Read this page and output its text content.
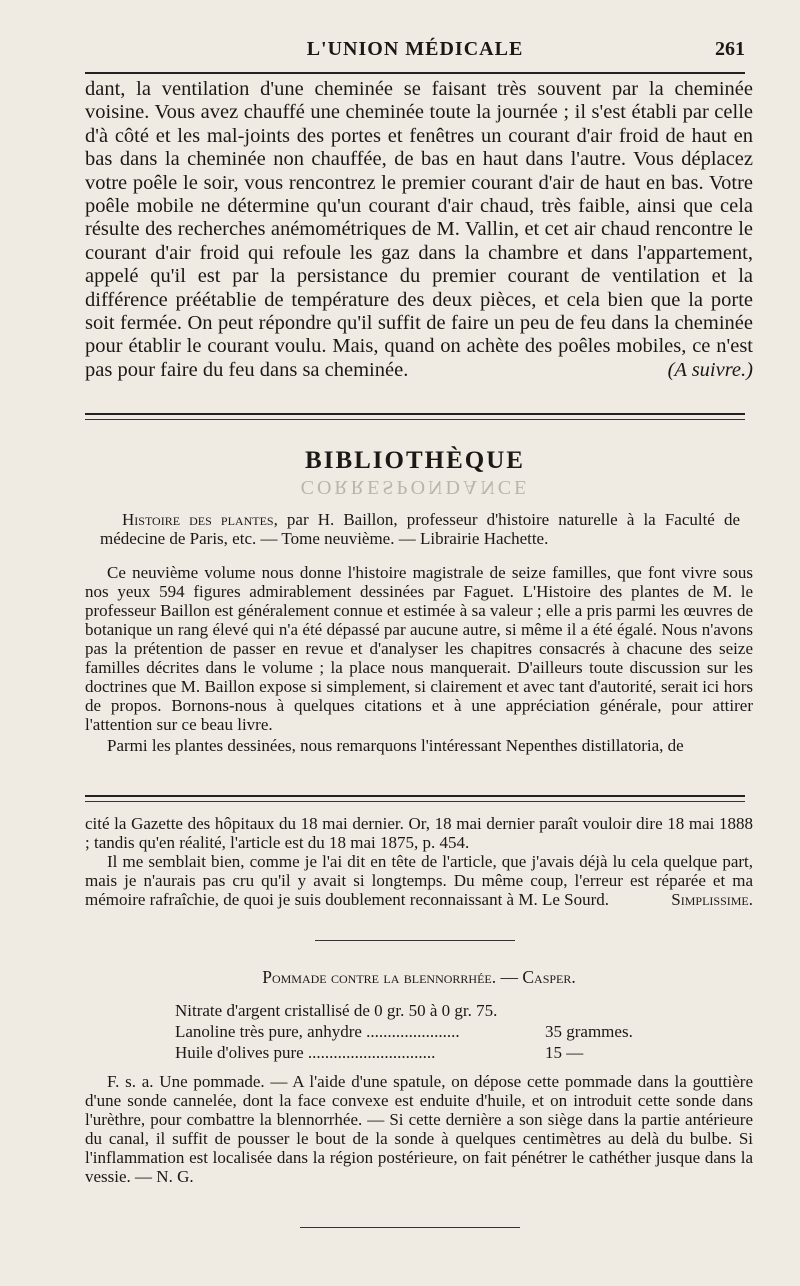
L'UNION MÉDICALE	261

dant, la ventilation d'une cheminée se faisant très souvent par la cheminée voisine. Vous avez chauffé une cheminée toute la journée ; il s'est établi par celle d'à côté et les mal-joints des portes et fenêtres un courant d'air froid de haut en bas dans la cheminée non chauffée, de bas en haut dans l'autre. Vous déplacez votre poêle le soir, vous rencontrez le premier courant d'air de haut en bas. Votre poêle mobile ne détermine qu'un courant d'air chaud, très faible, ainsi que cela résulte des recherches anémométriques de M. Vallin, et cet air chaud rencontre le courant d'air froid qui refoule les gaz dans la chambre et dans l'appartement, appelé qu'il est par la persistance du premier courant de ventilation et la différence préétablie de température des deux pièces, et cela bien que la porte soit fermée. On peut répondre qu'il suffit de faire un peu de feu dans la cheminée pour établir le courant voulu. Mais, quand on achète des poêles mobiles, ce n'est pas pour faire du feu dans sa cheminée.	(A suivre.)

BIBLIOTHÈQUE
CORRESPONDANCE

Histoire des plantes, par H. Baillon, professeur d'histoire naturelle à la Faculté de médecine de Paris, etc. — Tome neuvième. — Librairie Hachette.

Ce neuvième volume nous donne l'histoire magistrale de seize familles, que font vivre sous nos yeux 594 figures admirablement dessinées par Faguet. L'Histoire des plantes de M. le professeur Baillon est généralement connue et estimée à sa valeur ; elle a pris parmi les œuvres de botanique un rang élevé qui n'a été dépassé par aucune autre, si même il a été égalé. Nous n'avons pas la prétention de passer en revue et d'analyser les chapitres consacrés à chacune des seize familles décrites dans le volume ; la place nous manquerait. D'ailleurs toute discussion sur les doctrines que M. Baillon expose si simplement, si clairement et avec tant d'autorité, serait ici hors de propos. Bornons-nous à quelques citations et à une appréciation générale, pour attirer l'attention sur ce beau livre.

Parmi les plantes dessinées, nous remarquons l'intéressant Nepenthes distillatoria, de

cité la Gazette des hôpitaux du 18 mai dernier. Or, 18 mai dernier paraît vouloir dire 18 mai 1888 ; tandis qu'en réalité, l'article est du 18 mai 1875, p. 454.

Il me semblait bien, comme je l'ai dit en tête de l'article, que j'avais déjà lu cela quelque part, mais je n'aurais pas cru qu'il y avait si longtemps. Du même coup, l'erreur est réparée et ma mémoire rafraîchie, de quoi je suis doublement reconnaissant à M. Le Sourd.	Simplissime.

Pommade contre la blennorrhée. — Casper.

Nitrate d'argent cristallisé de 0 gr. 50 à 0 gr. 75.
Lanoline très pure, anhydre ......................	35 grammes.
Huile d'olives pure ..............................	15 —

F. s. a. Une pommade. — A l'aide d'une spatule, on dépose cette pommade dans la gouttière d'une sonde cannelée, dont la face convexe est enduite d'huile, et on introduit cette sonde dans l'urèthre, pour combattre la blennorrhée. — Si cette dernière a son siège dans la partie antérieure du canal, il suffit de pousser le bout de la sonde à quelques centimètres au delà du bulbe. Si l'inflammation est localisée dans la région postérieure, on fait pénétrer le cathéther jusque dans la vessie. — N. G.
